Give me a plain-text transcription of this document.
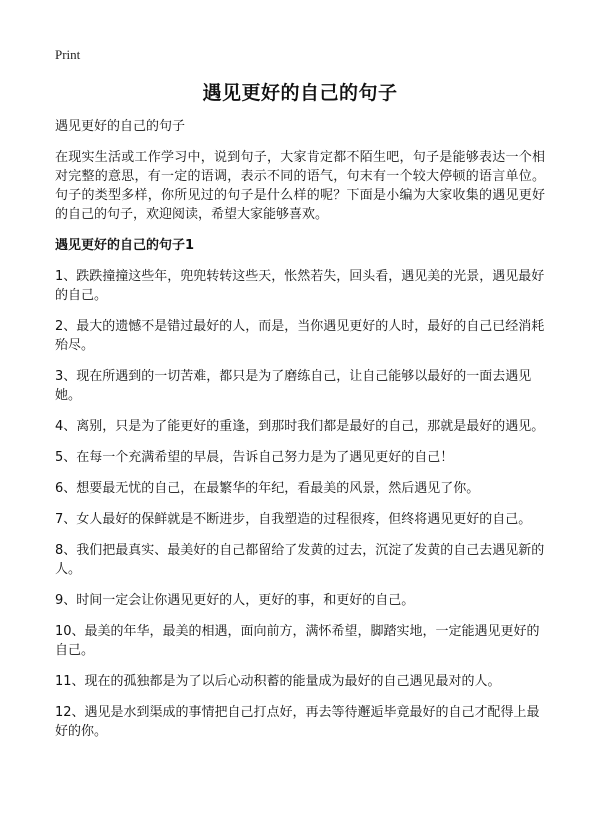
Print
遇见更好的自己的句子

遇见更好的自己的句子

在现实生活或工作学习中，说到句子，大家肯定都不陌生吧，句子是能够表达一个相对完整的意思，有一定的语调，表示不同的语气，句末有一个较大停顿的语言单位。句子的类型多样，你所见过的句子是什么样的呢？下面是小编为大家收集的遇见更好的自己的句子，欢迎阅读，希望大家能够喜欢。

遇见更好的自己的句子1

1、跌跌撞撞这些年，兜兜转转这些天，怅然若失，回头看，遇见美的光景，遇见最好的自己。
2、最大的遗憾不是错过最好的人，而是，当你遇见更好的人时，最好的自己已经消耗殆尽。
3、现在所遇到的一切苦难，都只是为了磨练自己，让自己能够以最好的一面去遇见她。
4、离别，只是为了能更好的重逢，到那时我们都是最好的自己，那就是最好的遇见。
5、在每一个充满希望的早晨，告诉自己努力是为了遇见更好的自己！
6、想要最无忧的自己，在最繁华的年纪，看最美的风景，然后遇见了你。
7、女人最好的保鲜就是不断进步，自我塑造的过程很疼，但终将遇见更好的自己。
8、我们把最真实、最美好的自己都留给了发黄的过去，沉淀了发黄的自己去遇见新的人。
9、时间一定会让你遇见更好的人，更好的事，和更好的自己。
10、最美的年华，最美的相遇，面向前方，满怀希望，脚踏实地，一定能遇见更好的自己。
11、现在的孤独都是为了以后心动积蓄的能量成为最好的自己遇见最对的人。
12、遇见是水到渠成的事情把自己打点好，再去等待邂逅毕竟最好的自己才配得上最好的你。
